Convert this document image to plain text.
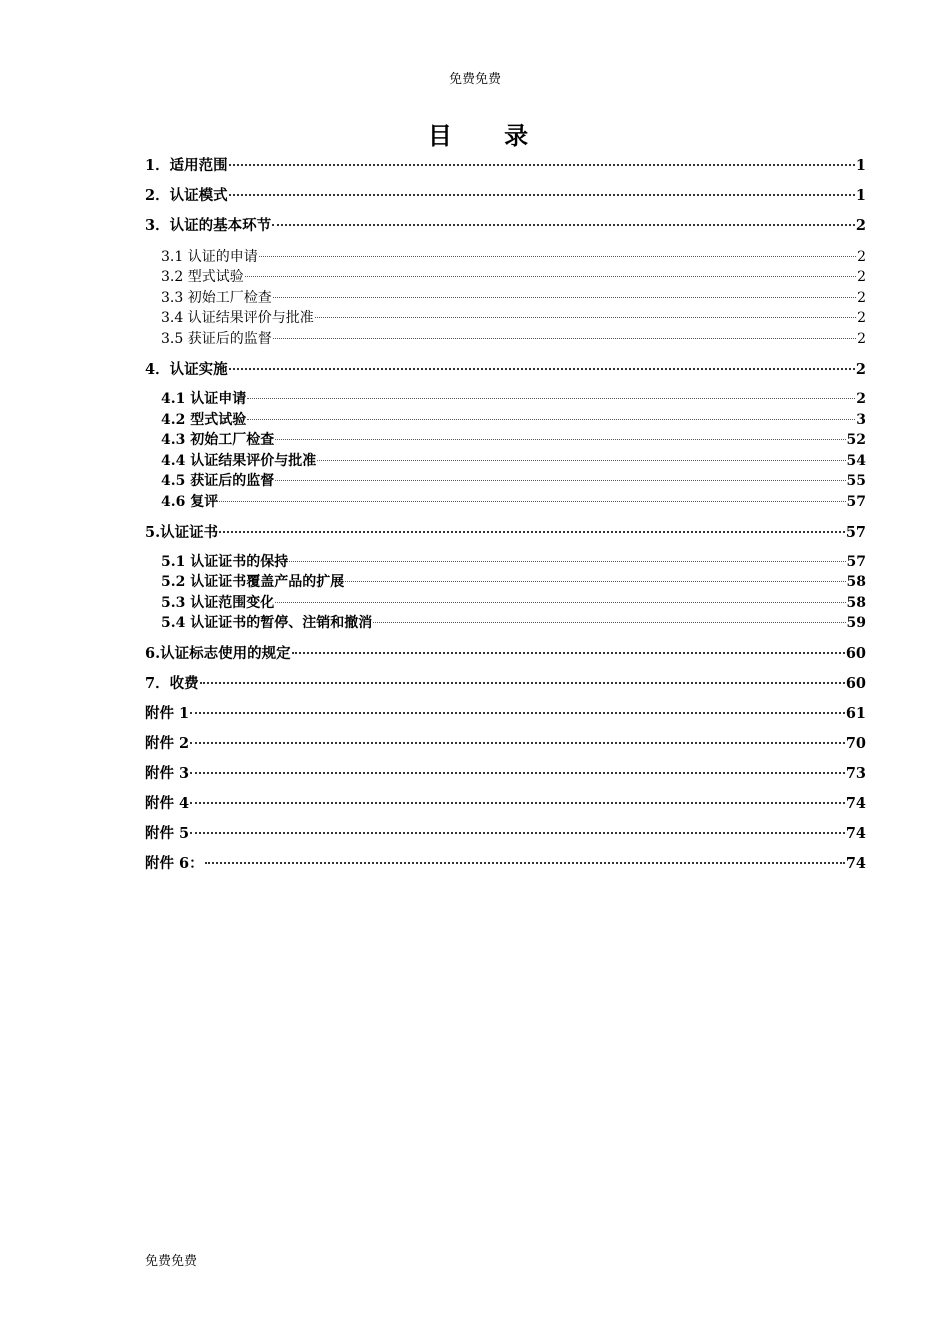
免费免费
目 录
1．适用范围	1
2．认证模式	1
3．认证的基本环节	2
3.1 认证的申请	2
3.2 型式试验	2
3.3 初始工厂检查	2
3.4 认证结果评价与批准	2
3.5 获证后的监督	2
4．认证实施	2
4.1 认证申请	2
4.2 型式试验	3
4.3 初始工厂检查	52
4.4 认证结果评价与批准	54
4.5 获证后的监督	55
4.6 复评	57
5.认证证书	57
5.1 认证证书的保持	57
5.2 认证证书覆盖产品的扩展	58
5.3 认证范围变化	58
5.4 认证证书的暂停、注销和撤消	59
6.认证标志使用的规定	60
7．收费	60
附件 1	61
附件 2	70
附件 3	73
附件 4	74
附件 5	74
附件 6：	74
免费免费
